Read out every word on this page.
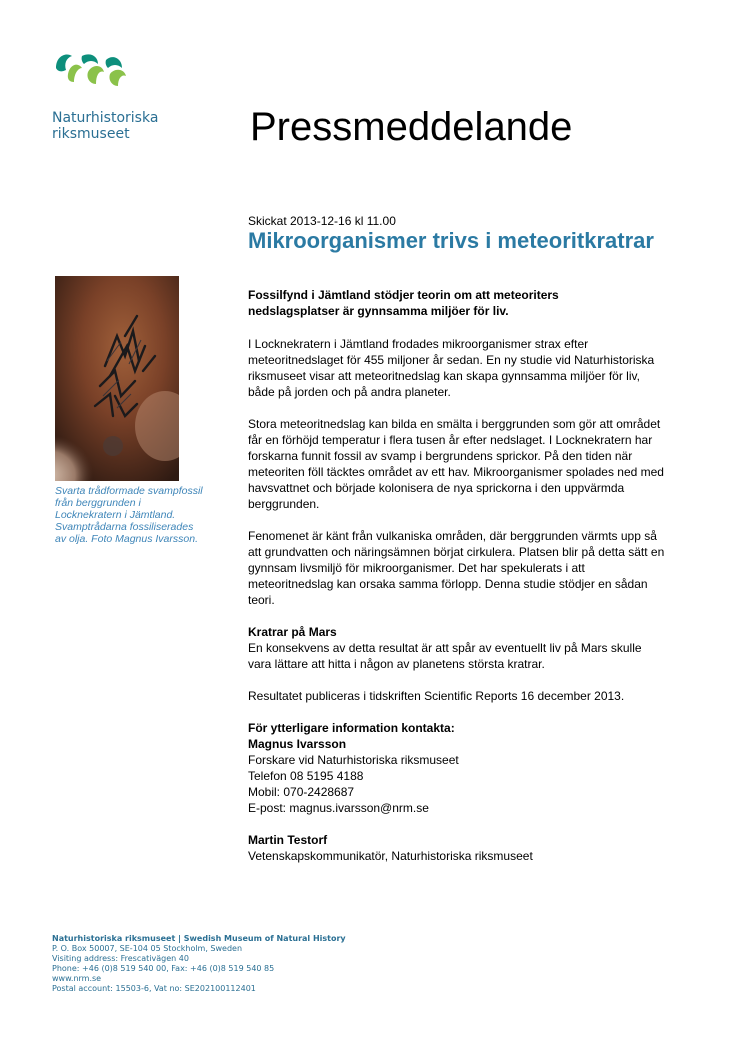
Naturhistoriska
riksmuseet	Pressmeddelande
Skickat 2013-12-16 kl 11.00
Mikroorganismer trivs i meteoritkratrar
Fossilfynd i Jämtland stödjer teorin om att meteoriters nedslagsplatser är gynnsamma miljöer för liv.
Svarta trådformade svampfossil från berggrunden i Locknekratern i Jämtland. Svamptrådarna fossiliserades av olja. Foto Magnus Ivarsson.

I Locknekratern i Jämtland frodades mikroorganismer strax efter meteoritnedslaget för 455 miljoner år sedan. En ny studie vid Naturhistoriska riksmuseet visar att meteoritnedslag kan skapa gynnsamma miljöer för liv, både på jorden och på andra planeter.

Stora meteoritnedslag kan bilda en smälta i berggrunden som gör att området får en förhöjd temperatur i flera tusen år efter nedslaget. I Locknekratern har forskarna funnit fossil av svamp i bergrundens sprickor. På den tiden när meteoriten föll täcktes området av ett hav. Mikroorganismer spolades ned med havsvattnet och började kolonisera de nya sprickorna i den uppvärmda berggrunden.

Fenomenet är känt från vulkaniska områden, där berggrunden värmts upp så att grundvatten och näringsämnen börjat cirkulera. Platsen blir på detta sätt en gynnsam livsmiljö för mikroorganismer. Det har spekulerats i att meteoritnedslag kan orsaka samma förlopp. Denna studie stödjer en sådan teori.

Kratrar på Mars

En konsekvens av detta resultat är att spår av eventuellt liv på Mars skulle vara lättare att hitta i någon av planetens största kratrar.

Resultatet publiceras i tidskriften Scientific Reports 16 december 2013.

För ytterligare information kontakta:
Magnus Ivarsson
Forskare vid Naturhistoriska riksmuseet
Telefon 08 5195 4188
Mobil: 070-2428687

E-post: magnus.ivarsson@nrm.se

Martin Testorf
Vetenskapskommunikatör, Naturhistoriska riksmuseet
Naturhistoriska riksmuseet | Swedish Museum of Natural History
P. O. Box 50007, SE-104 05 Stockholm, Sweden
Visiting address: Frescativägen 40
Phone: +46 (0)8 519 540 00, Fax: +46 (0)8 519 540 85
www.nrm.se
Postal account: 15503-6, Vat no: SE202100112401
